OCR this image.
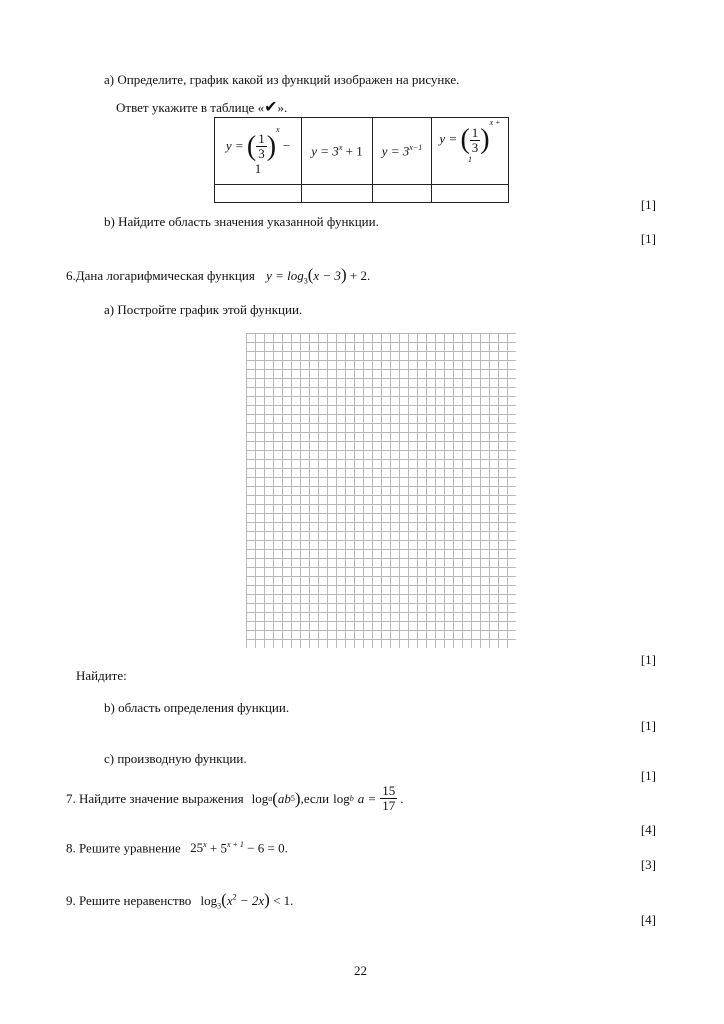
а) Определите, график какой из функций изображен на рисунке.
Ответ укажите в таблице «✔».
y = ( $\frac{1}{3} )^x - 1$	$y = 3^x + 1$	$y = 3^{x-1}$	y = ( $\frac{1}{3} )^{x + 1}$

[1]
b) Найдите область значения указанной функции.
[1]
6.Дана логарифмическая функция $y = \log_3(x - 3) + 2$.
а) Постройте график этой функции.
[1]
Найдите:
b) область определения функции.
[1]
c) производную функции.
[1]
7. Найдите значение выражения log a ( ab 5 ) ,если log b $a = \frac{15}{17}$ .
[4]
8. Решите уравнение $25^x + 5^{x + 1} - 6 = 0$.
[3]
9. Решите неравенство $\log_3(x^2 - 2x) < 1$.
[4]
22
